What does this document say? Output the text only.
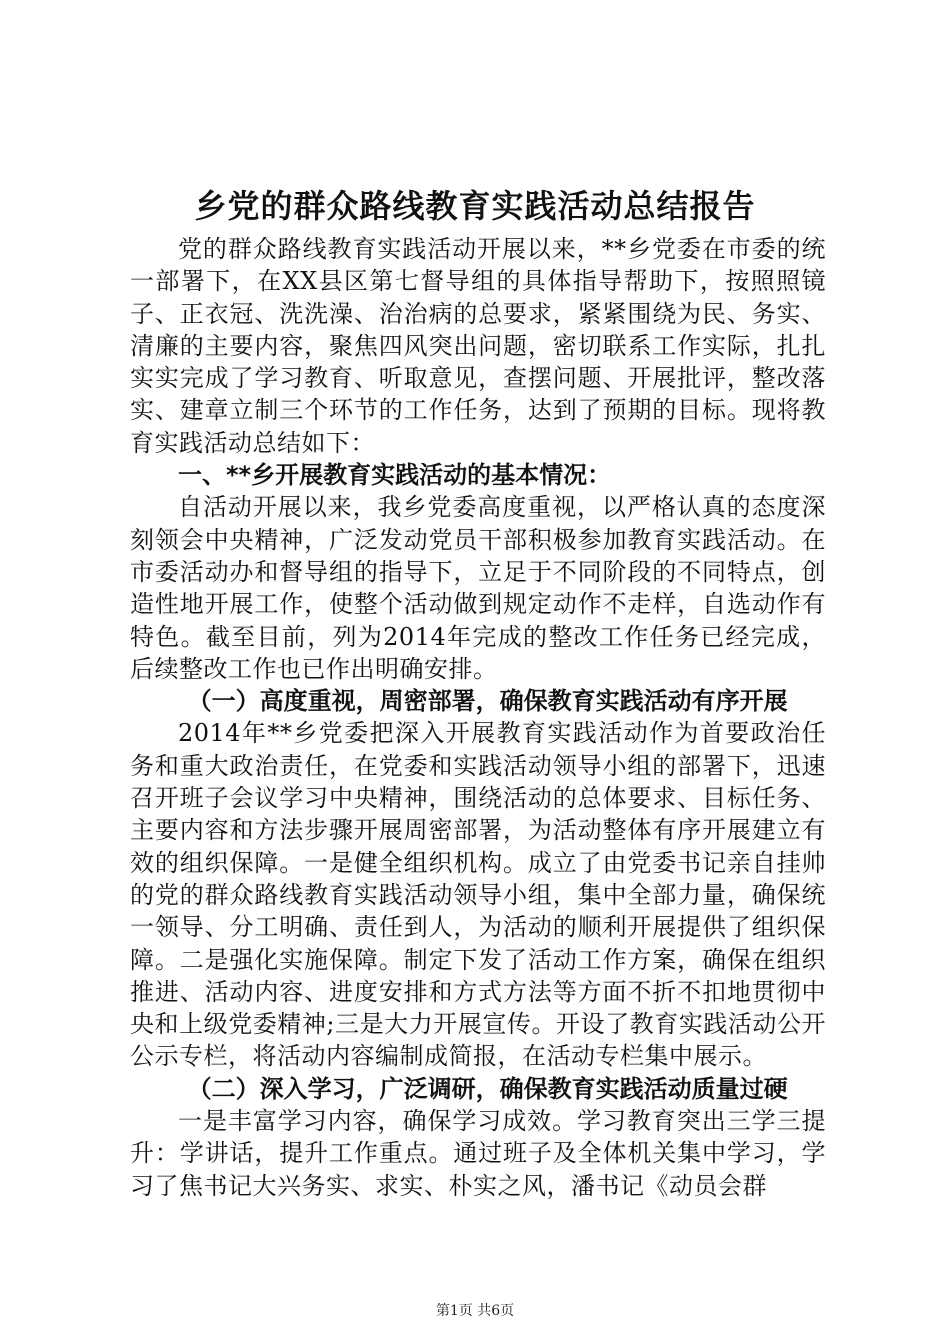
乡党的群众路线教育实践活动总结报告

党的群众路线教育实践活动开展以来，**乡党委在市委的统一部署下，在XX县区第七督导组的具体指导帮助下，按照照镜子、正衣冠、洗洗澡、治治病的总要求，紧紧围绕为民、务实、清廉的主要内容，聚焦四风突出问题，密切联系工作实际，扎扎实实完成了学习教育、听取意见，查摆问题、开展批评，整改落实、建章立制三个环节的工作任务，达到了预期的目标。现将教育实践活动总结如下：

一、**乡开展教育实践活动的基本情况：

自活动开展以来，我乡党委高度重视，以严格认真的态度深刻领会中央精神，广泛发动党员干部积极参加教育实践活动。在市委活动办和督导组的指导下，立足于不同阶段的不同特点，创造性地开展工作，使整个活动做到规定动作不走样，自选动作有特色。截至目前，列为2014年完成的整改工作任务已经完成，后续整改工作也已作出明确安排。

（一）高度重视，周密部署，确保教育实践活动有序开展

2014年**乡党委把深入开展教育实践活动作为首要政治任务和重大政治责任，在党委和实践活动领导小组的部署下，迅速召开班子会议学习中央精神，围绕活动的总体要求、目标任务、主要内容和方法步骤开展周密部署，为活动整体有序开展建立有效的组织保障。一是健全组织机构。成立了由党委书记亲自挂帅的党的群众路线教育实践活动领导小组，集中全部力量，确保统一领导、分工明确、责任到人，为活动的顺利开展提供了组织保障。二是强化实施保障。制定下发了活动工作方案，确保在组织推进、活动内容、进度安排和方式方法等方面不折不扣地贯彻中央和上级党委精神;三是大力开展宣传。开设了教育实践活动公开公示专栏，将活动内容编制成简报，在活动专栏集中展示。

（二）深入学习，广泛调研，确保教育实践活动质量过硬

一是丰富学习内容，确保学习成效。学习教育突出三学三提升：学讲话，提升工作重点。通过班子及全体机关集中学习，学习了焦书记大兴务实、求实、朴实之风，潘书记《动员会群

第1页 共6页
